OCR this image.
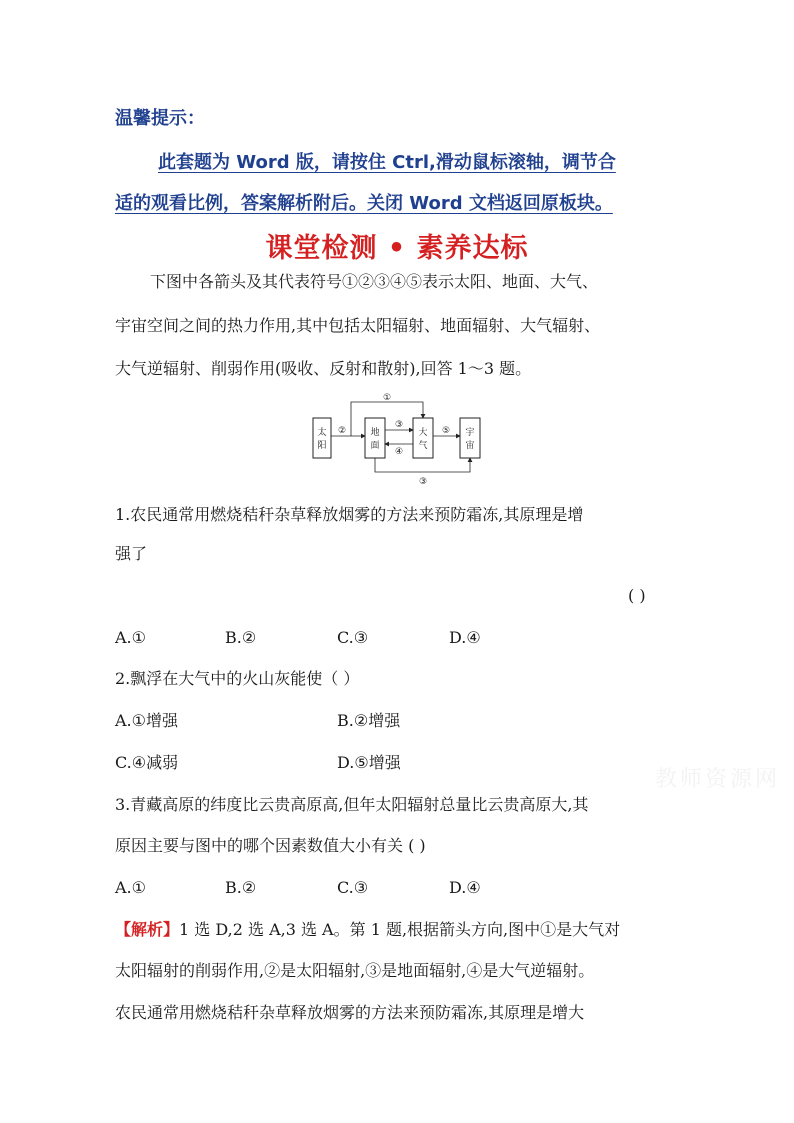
温馨提示：
此套题为 Word 版，请按住 Ctrl,滑动鼠标滚轴，调节合
适的观看比例，答案解析附后。关闭 Word 文档返回原板块。
课堂检测 • 素养达标
下图中各箭头及其代表符号①②③④⑤表示太阳、地面、大气、
宇宙空间之间的热力作用,其中包括太阳辐射、地面辐射、大气辐射、
大气逆辐射、削弱作用(吸收、反射和散射),回答 1～3 题。
太
阳
地
面
大
气
宇
宙
①
②
③
④
⑤
③
1.农民通常用燃烧秸秆杂草释放烟雾的方法来预防霜冻,其原理是增
强了
( )
A.①	B.②	C.③	D.④
2.飘浮在大气中的火山灰能使（ ）
A.①增强	B.②增强
C.④减弱	D.⑤增强
3.青藏高原的纬度比云贵高原高,但年太阳辐射总量比云贵高原大,其
原因主要与图中的哪个因素数值大小有关 ( )
A.①	B.②	C.③	D.④
【解析】1 选 D,2 选 A,3 选 A。第 1 题,根据箭头方向,图中①是大气对
太阳辐射的削弱作用,②是太阳辐射,③是地面辐射,④是大气逆辐射。
农民通常用燃烧秸秆杂草释放烟雾的方法来预防霜冻,其原理是增大
教师资源网
